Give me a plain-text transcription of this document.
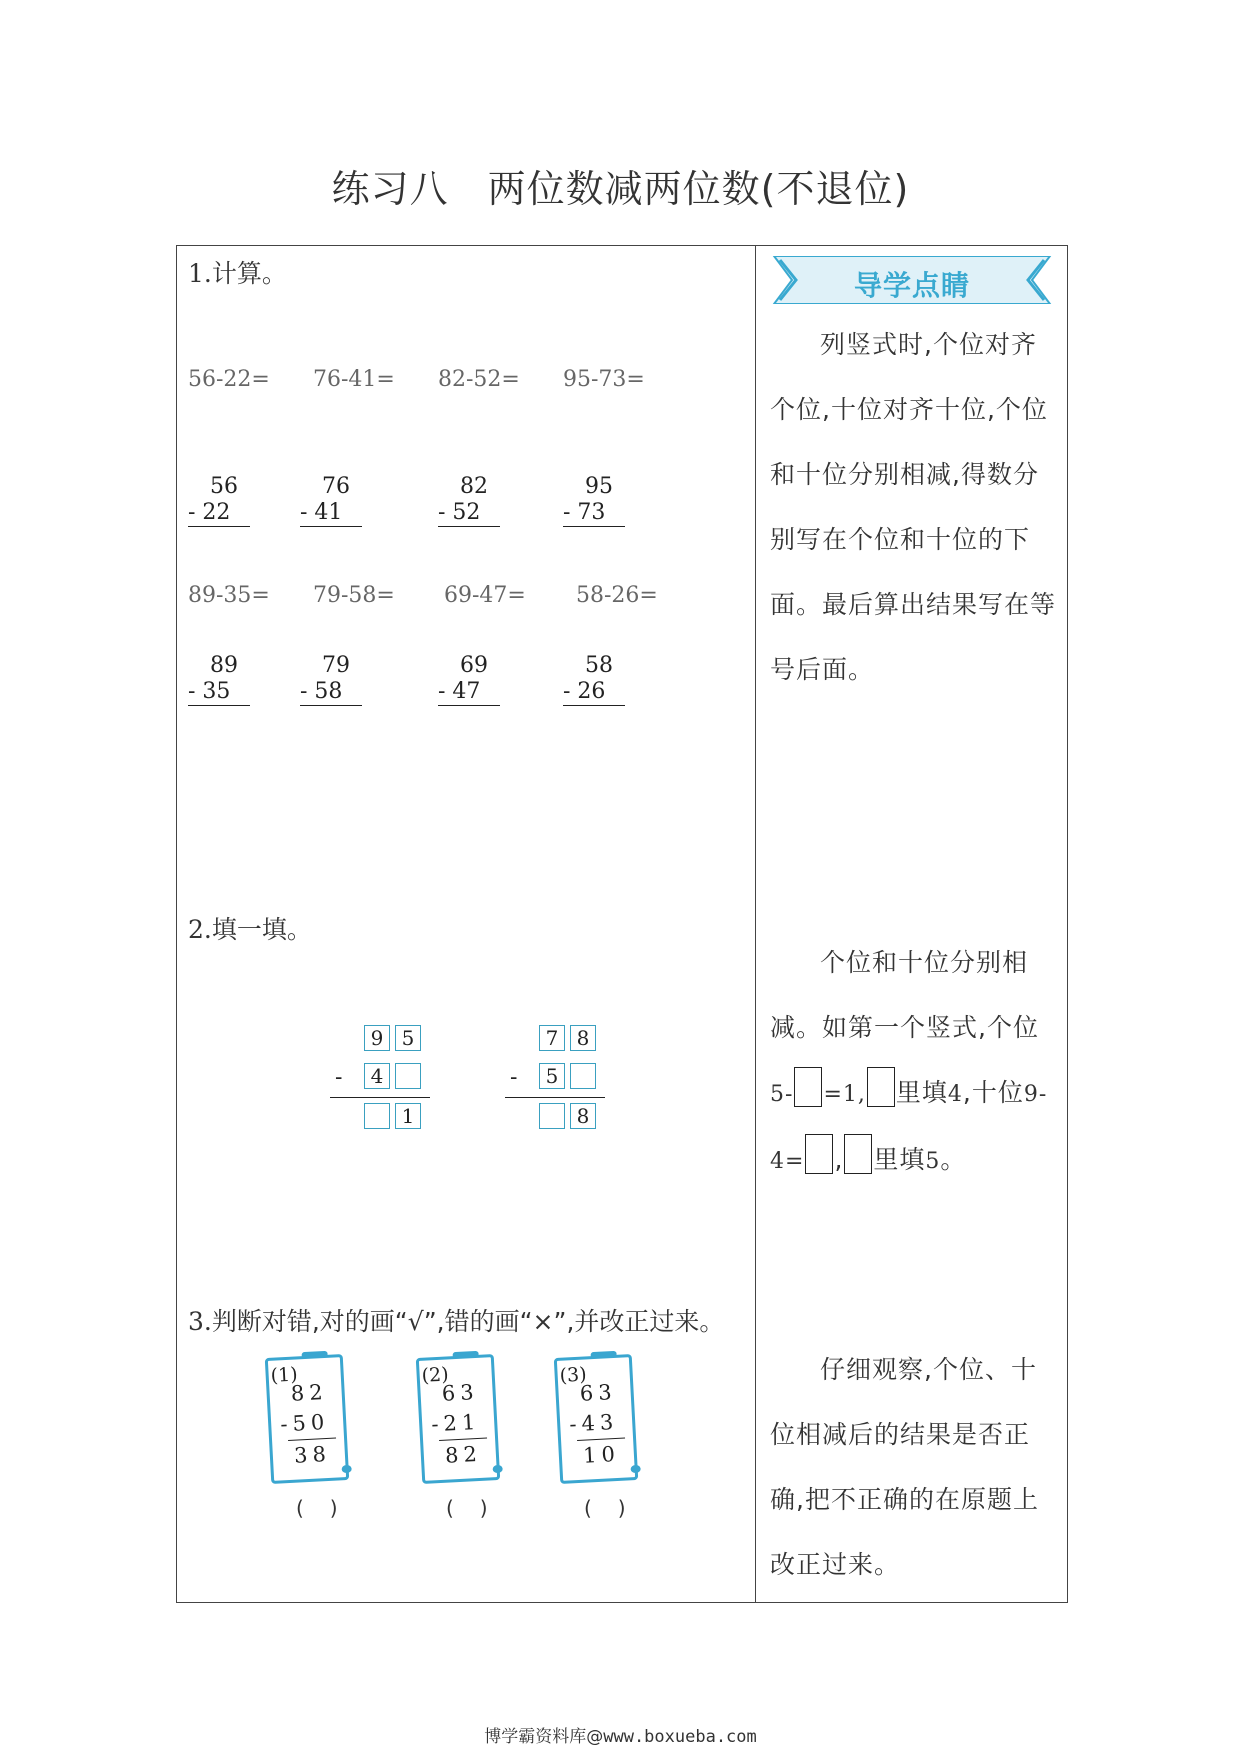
练习八　两位数减两位数(不退位)
1.计算。
56-22= 76-41= 82-52= 95-73=
56
- 22
76
- 41
82
- 52
95
- 73
89-35= 79-58= 69-47= 58-26=
89
- 35
79
- 58
69
- 47
58
- 26
2.填一填。
9 5
-	4
1
7 8
-	5
8
3.判断对错,对的画“√”,错的画“×”,并改正过来。
(1)
82
-50
38
(2)
63
-21
82
(3)
63
-43
10
()	()	()
导学点睛
列竖式时,个位对齐个位,十位对齐十位,个位和十位分别相减,得数分别写在个位和十位的下面。最后算出结果写在等号后面。
个位和十位分别相减。如第一个竖式,个位5- =1, 里填4,十位9-4= , 里填5。
仔细观察,个位、十位相减后的结果是否正确,把不正确的在原题上改正过来。
博学霸资料库@www.boxueba.com
